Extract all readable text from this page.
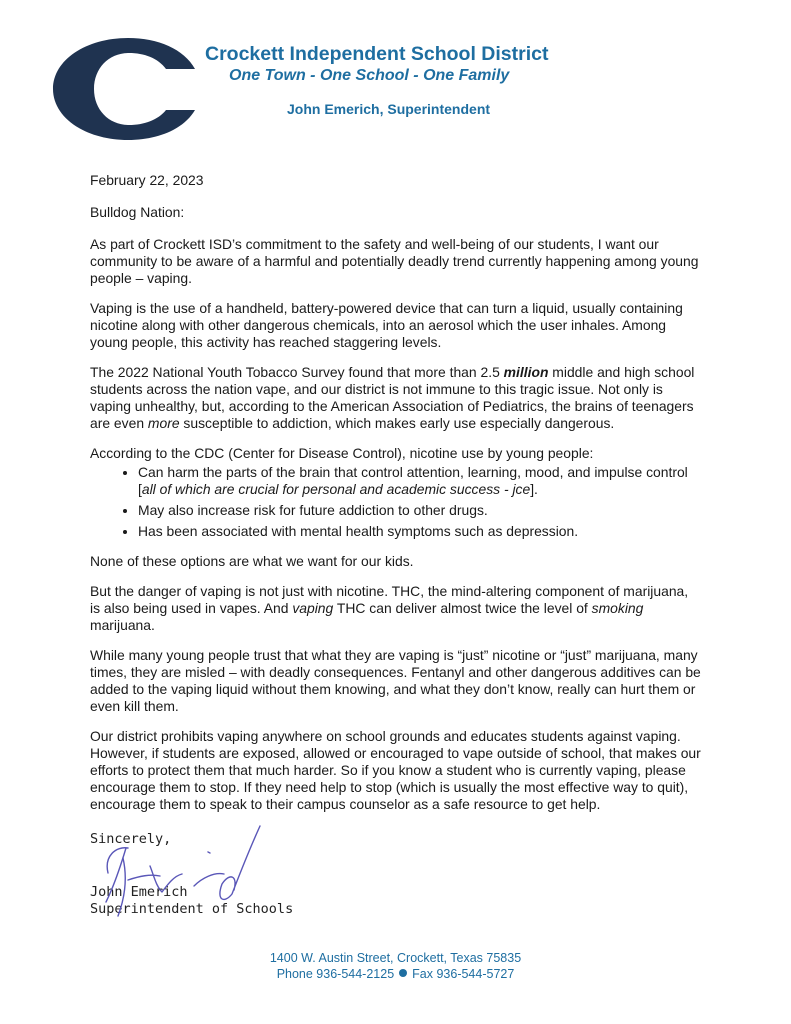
Crockett Independent School District
One Town - One School - One Family
John Emerich, Superintendent

February 22, 2023

Bulldog Nation:

As part of Crockett ISD’s commitment to the safety and well-being of our students, I want our community to be aware of a harmful and potentially deadly trend currently happening among young people – vaping.

Vaping is the use of a handheld, battery-powered device that can turn a liquid, usually containing nicotine along with other dangerous chemicals, into an aerosol which the user inhales. Among young people, this activity has reached staggering levels.

The 2022 National Youth Tobacco Survey found that more than 2.5 million middle and high school students across the nation vape, and our district is not immune to this tragic issue. Not only is vaping unhealthy, but, according to the American Association of Pediatrics, the brains of teenagers are even more susceptible to addiction, which makes early use especially dangerous.

According to the CDC (Center for Disease Control), nicotine use by young people:

• Can harm the parts of the brain that control attention, learning, mood, and impulse control [all of which are crucial for personal and academic success - jce].
• May also increase risk for future addiction to other drugs.
• Has been associated with mental health symptoms such as depression.

None of these options are what we want for our kids.

But the danger of vaping is not just with nicotine. THC, the mind-altering component of marijuana, is also being used in vapes. And vaping THC can deliver almost twice the level of smoking marijuana.

While many young people trust that what they are vaping is “just” nicotine or “just” marijuana, many times, they are misled – with deadly consequences. Fentanyl and other dangerous additives can be added to the vaping liquid without them knowing, and what they don’t know, really can hurt them or even kill them.

Our district prohibits vaping anywhere on school grounds and educates students against vaping. However, if students are exposed, allowed or encouraged to vape outside of school, that makes our efforts to protect them that much harder. So if you know a student who is currently vaping, please encourage them to stop. If they need help to stop (which is usually the most effective way to quit), encourage them to speak to their campus counselor as a safe resource to get help.

Sincerely,
John Emerich
Superintendent of Schools
1400 W. Austin Street, Crockett, Texas 75835
Phone 936-544-2125 Fax 936-544-5727
